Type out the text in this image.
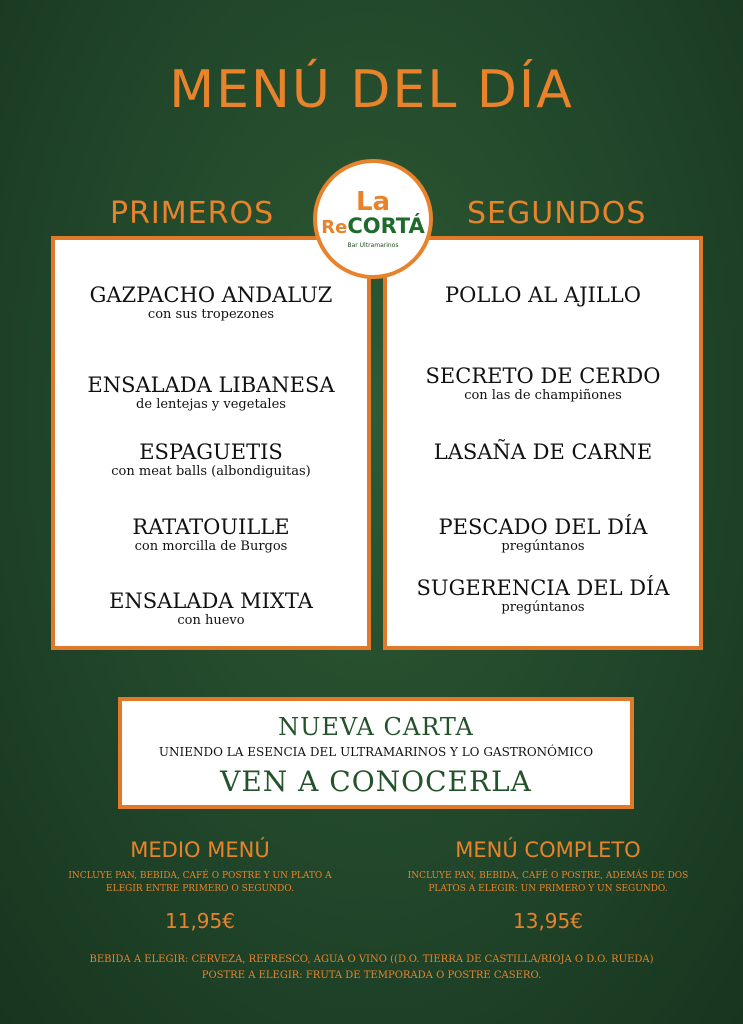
MENÚ DEL DÍA
La
ReCORTÁ
Bar Ultramarinos
PRIMEROS	SEGUNDOS
GAZPACHO ANDALUZ
con sus tropezones
ENSALADA LIBANESA
de lentejas y vegetales
ESPAGUETIS
con meat balls (albondiguitas)
RATATOUILLE
con morcilla de Burgos
ENSALADA MIXTA
con huevo
POLLO AL AJILLO
SECRETO DE CERDO
con las de champiñones
LASAÑA DE CARNE
PESCADO DEL DÍA
pregúntanos
SUGERENCIA DEL DÍA
pregúntanos
NUEVA CARTA
UNIENDO LA ESENCIA DEL ULTRAMARINOS Y LO GASTRONÓMICO
VEN A CONOCERLA
MEDIO MENÚ
INCLUYE PAN, BEBIDA, CAFÉ O POSTRE Y UN PLATO A ELEGIR ENTRE PRIMERO O SEGUNDO.
11,95€
MENÚ COMPLETO
INCLUYE PAN, BEBIDA, CAFÉ O POSTRE, ADEMÁS DE DOS PLATOS A ELEGIR: UN PRIMERO Y UN SEGUNDO.
13,95€
BEBIDA A ELEGIR: CERVEZA, REFRESCO, AGUA O VINO ((D.O. TIERRA DE CASTILLA/RIOJA O D.O. RUEDA)
POSTRE A ELEGIR: FRUTA DE TEMPORADA O POSTRE CASERO.
